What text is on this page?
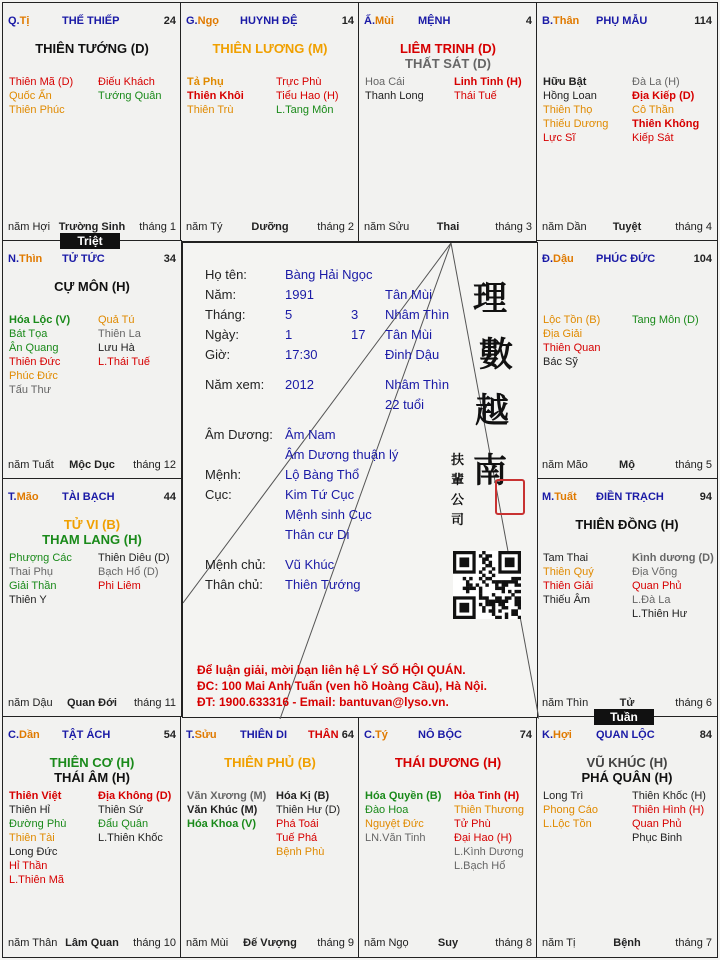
Q.Tị	THẾ THIẾP	24
THIÊN TƯỚNG (D)
Thiên Mã (D)
Quốc Ấn
Thiên Phúc
Điếu Khách
Tướng Quân
năm Hợi Trường Sinh	tháng 1
G.Ngọ HUYNH ĐỆ	14
THIÊN LƯƠNG (M)
Tả Phụ
Thiên Khôi
Thiên Trù
Trực Phù
Tiểu Hao (H)
L.Tang Môn
năm Tý	Dưỡng	tháng 2
Ấ.Mùi MỆNH	4
LIÊM TRINH (D)
THẤT SÁT (D)
Hoa Cái
Thanh Long
Linh Tinh (H)
Thái Tuế
năm Sửu	Thai	tháng 3
B.Thân PHỤ MẪU	114
Hữu Bật
Hồng Loan
Thiên Thọ
Thiếu Dương
Lực Sĩ
Đà La (H)
Địa Kiếp (D)
Cô Thần
Thiên Không
Kiếp Sát
năm Dần	Tuyệt	tháng 4
N.Thìn TỬ TỨC	34
CỰ MÔN (H)
Hóa Lộc (V)
Bát Tọa
Ân Quang
Thiên Đức
Phúc Đức
Tấu Thư
Quả Tú
Thiên La
Lưu Hà
L.Thái Tuế
năm Tuất	Mộc Dục	tháng 12
Đ.Dậu PHÚC ĐỨC	104
Lộc Tồn (B)
Địa Giải
Thiên Quan
Bác Sỹ
Tang Môn (D)
năm Mão	Mộ	tháng 5
T.Mão TÀI BẠCH	44
TỬ VI (B)
THAM LANG (H)
Phượng Các
Thai Phụ
Giải Thần
Thiên Y
Thiên Diêu (D)
Bạch Hổ (D)
Phi Liêm
năm Dậu	Quan Đới	tháng 11
M.Tuất ĐIỀN TRẠCH	94
THIÊN ĐỒNG (H)
Tam Thai
Thiên Quý
Thiên Giải
Thiếu Âm
Kình dương (D)
Địa Võng
Quan Phủ
L.Đà La
L.Thiên Hư
năm Thìn	Tử	tháng 6
C.Dần TẬT ÁCH	54
THIÊN CƠ (H)
THÁI ÂM (H)
Thiên Việt
Thiên Hỉ
Đường Phù
Thiên Tài
Long Đức
Hỉ Thần
L.Thiên Mã
Địa Không (D)
Thiên Sứ
Đẩu Quân
L.Thiên Khốc
năm Thân Lâm Quan	tháng 10
T.Sửu THIÊN DI	64
THIÊN PHỦ (B)
Văn Xương (M)
Văn Khúc (M)
Hóa Khoa (V)
Hóa Kị (B)
Thiên Hư (D)
Phá Toái
Tuế Phá
Bệnh Phù
năm Mùi	Đế Vượng	tháng 9
C.Tý	NÔ BỘC	74
THÁI DƯƠNG (H)
Hóa Quyền (B)
Đào Hoa
Nguyệt Đức
LN.Văn Tinh
Hỏa Tinh (H)
Thiên Thương
Tử Phù
Đại Hao (H)
L.Kình Dương
L.Bạch Hổ
năm Ngọ	Suy	tháng 8
K.Hợi QUAN LỘC	84
VŨ KHÚC (H)
PHÁ QUÂN (H)
Long Trì
Phong Cáo
L.Lộc Tồn
Thiên Khốc (H)
Thiên Hình (H)
Quan Phủ
Phục Binh
năm Tị	Bệnh	tháng 7
Họ tên:	Bàng Hải Ngọc
Năm:	1991	Tân Mùi
Tháng:	5	3 Nhâm Thìn
Ngày:	1	17 Tân Mùi
Giờ:	17:30	Đinh Dậu
Năm xem: 2012	Nhâm Thìn
22 tuổi
Âm Dương: Âm Nam
Âm Dương thuận lý
Mệnh:	Lộ Bàng Thổ
Cục:	Kim Tứ Cục
Mệnh sinh Cục
Thân cư Di
Mệnh chủ: Vũ Khúc
Thân chủ: Thiên Tướng
理
數
越
南
扶
輩
公
司
Để luận giải, mời bạn liên hệ LÝ SỐ HỘI QUÁN.
ĐC: 100 Mai Anh Tuấn (ven hồ Hoàng Cầu), Hà Nội.
ĐT: 1900.633316 - Email: bantuvan@lyso.vn.
Triệt
Tuần
THÂN
